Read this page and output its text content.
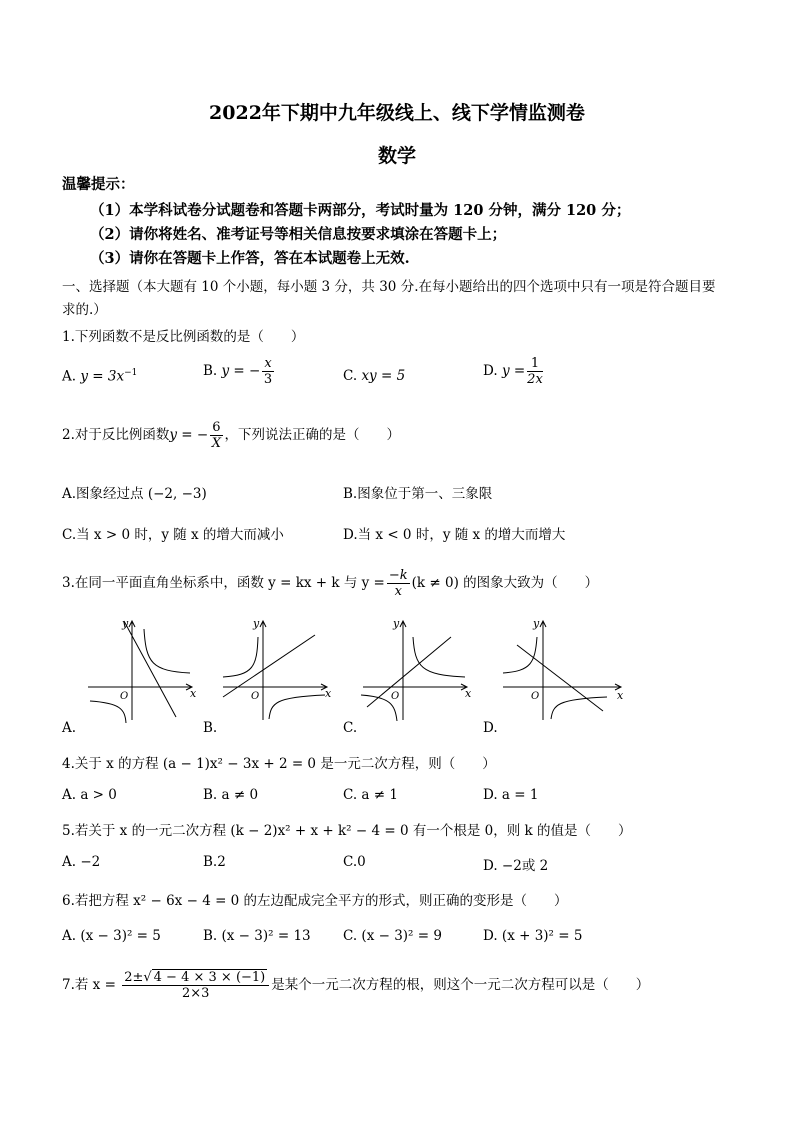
2022年下期中九年级线上、线下学情监测卷
数学
温馨提示：
（1）本学科试卷分试题卷和答题卡两部分，考试时量为 120 分钟，满分 120 分；
（2）请你将姓名、准考证号等相关信息按要求填涂在答题卡上；
（3）请你在答题卡上作答，答在本试题卷上无效.
一、选择题（本大题有 10 个小题，每小题 3 分，共 30 分.在每小题给出的四个选项中只有一项是符合题目要
求的.）
1.下列函数不是反比例函数的是（　　）
A. $y = 3x^{-1}$	B. y = − $\frac{x}{3}$	C. xy = 5	D. $y = \frac{1}{2x}$
2.对于反比例函数y = − $\frac{6}{X}$ ，下列说法正确的是（　　）
A.图象经过点 (−2, −3)	B.图象位于第一、三象限
C.当 x > 0 时，y 随 x 的增大而减小	D.当 x < 0 时，y 随 x 的增大而增大
3.在同一平面直角坐标系中，函数 y = kx + k 与 $y = \frac{-k}{x} (k \ne 0)$ 的图象大致为（　　）
x
y
O
A.
x
y
O
B.
x
y
O
C.
x
y
O
D.
4.关于 x 的方程 (a − 1)x² − 3x + 2 = 0 是一元二次方程，则（　　）
A. a > 0	B. a ≠ 0	C. a ≠ 1	D. a = 1
5.若关于 x 的一元二次方程 (k − 2)x² + x + k² − 4 = 0 有一个根是 0，则 k 的值是（　　）
A. −2	B.2	C.0	D. −2或 2
6.若把方程 x² − 6x − 4 = 0 的左边配成完全平方的形式，则正确的变形是（　　）
A. (x − 3)² = 5	B. (x − 3)² = 13 C. (x − 3)² = 9	D. (x + 3)² = 5
7.若 $x = \frac{2\pm√ 4 - 4 \times 3 \times (-1)}{2\times 3}$ 是某个一元二次方程的根，则这个一元二次方程可以是（　　）
